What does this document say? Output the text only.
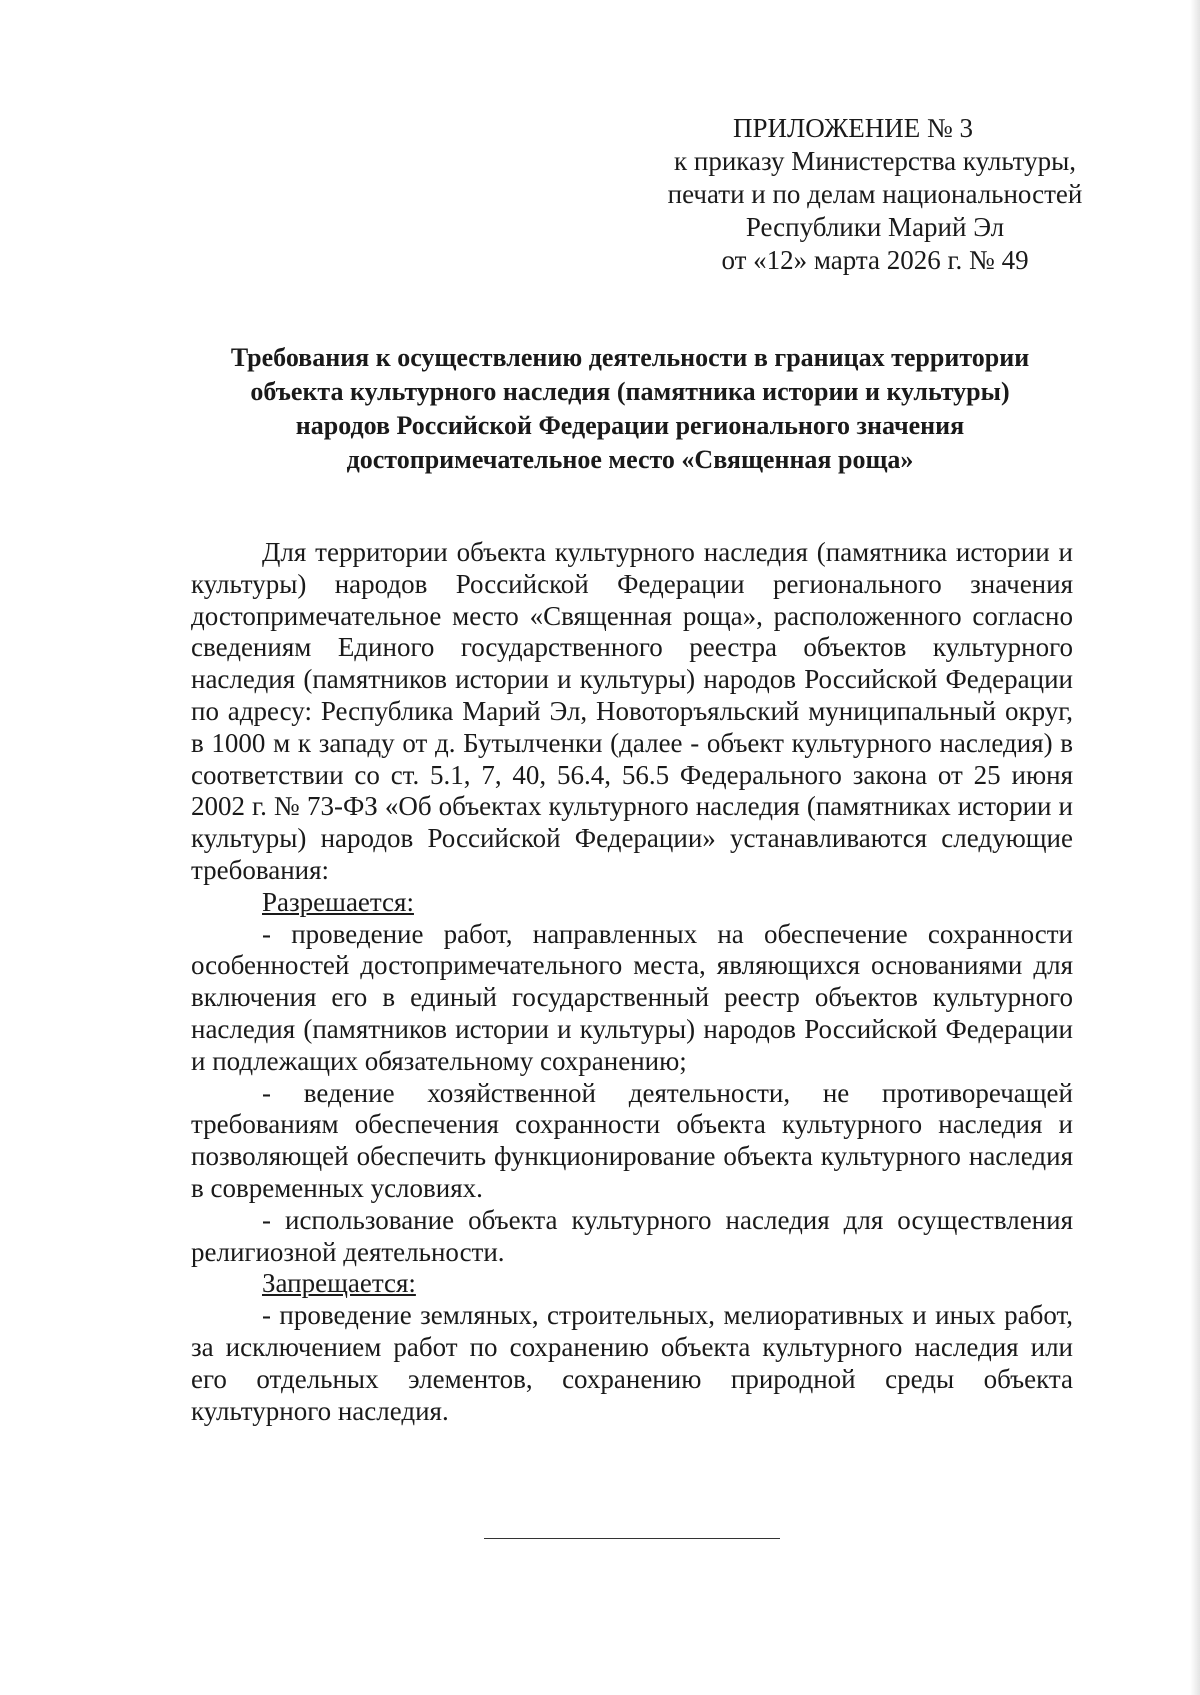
ПРИЛОЖЕНИЕ № 3
к приказу Министерства культуры,
печати и по делам национальностей
Республики Марий Эл
от «12» марта 2026 г. № 49
Требования к осуществлению деятельности в границах территории
объекта культурного наследия (памятника истории и культуры)
народов Российской Федерации регионального значения
достопримечательное место «Священная роща»

Для территории объекта культурного наследия (памятника истории и культуры) народов Российской Федерации регионального значения достопримечательное место «Священная роща», расположенного согласно сведениям Единого государственного реестра объектов культурного наследия (памятников истории и культуры) народов Российской Федерации по адресу: Республика Марий Эл, Новоторъяльский муниципальный округ, в 1000 м к западу от д. Бутылченки (далее - объект культурного наследия) в соответствии со ст. 5.1, 7, 40, 56.4, 56.5 Федерального закона от 25 июня 2002 г. № 73-ФЗ «Об объектах культурного наследия (памятниках истории и культуры) народов Российской Федерации» устанавливаются следующие требования:

Разрешается:

- проведение работ, направленных на обеспечение сохранности особенностей достопримечательного места, являющихся основаниями для включения его в единый государственный реестр объектов культурного наследия (памятников истории и культуры) народов Российской Федерации и подлежащих обязательному сохранению;

- ведение хозяйственной деятельности, не противоречащей требованиям обеспечения сохранности объекта культурного наследия и позволяющей обеспечить функционирование объекта культурного наследия в современных условиях.

- использование объекта культурного наследия для осуществления религиозной деятельности.

Запрещается:

- проведение земляных, строительных, мелиоративных и иных работ, за исключением работ по сохранению объекта культурного наследия или его отдельных элементов, сохранению природной среды объекта культурного наследия.
